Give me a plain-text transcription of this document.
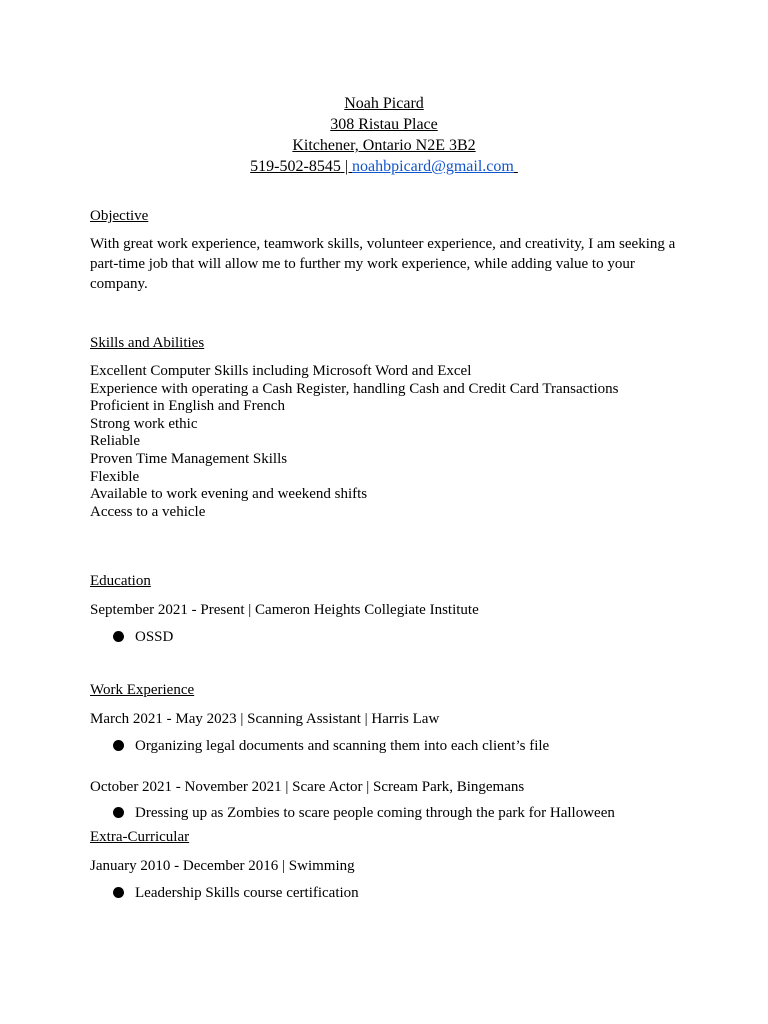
Noah Picard
308 Ristau Place
Kitchener, Ontario N2E 3B2
519-502-8545 | noahbpicard@gmail.com
Objective
With great work experience, teamwork skills, volunteer experience, and creativity, I am seeking a part-time job that will allow me to further my work experience, while adding value to your company.
Skills and Abilities
Excellent Computer Skills including Microsoft Word and Excel
Experience with operating a Cash Register, handling Cash and Credit Card Transactions
Proficient in English and French
Strong work ethic
Reliable
Proven Time Management Skills
Flexible
Available to work evening and weekend shifts
Access to a vehicle
Education
September 2021 - Present | Cameron Heights Collegiate Institute
OSSD
Work Experience
March 2021 - May 2023 | Scanning Assistant | Harris Law
Organizing legal documents and scanning them into each client’s file
October 2021 - November 2021 | Scare Actor | Scream Park, Bingemans
Dressing up as Zombies to scare people coming through the park for Halloween
Extra-Curricular
January 2010 - December 2016 | Swimming
Leadership Skills course certification
